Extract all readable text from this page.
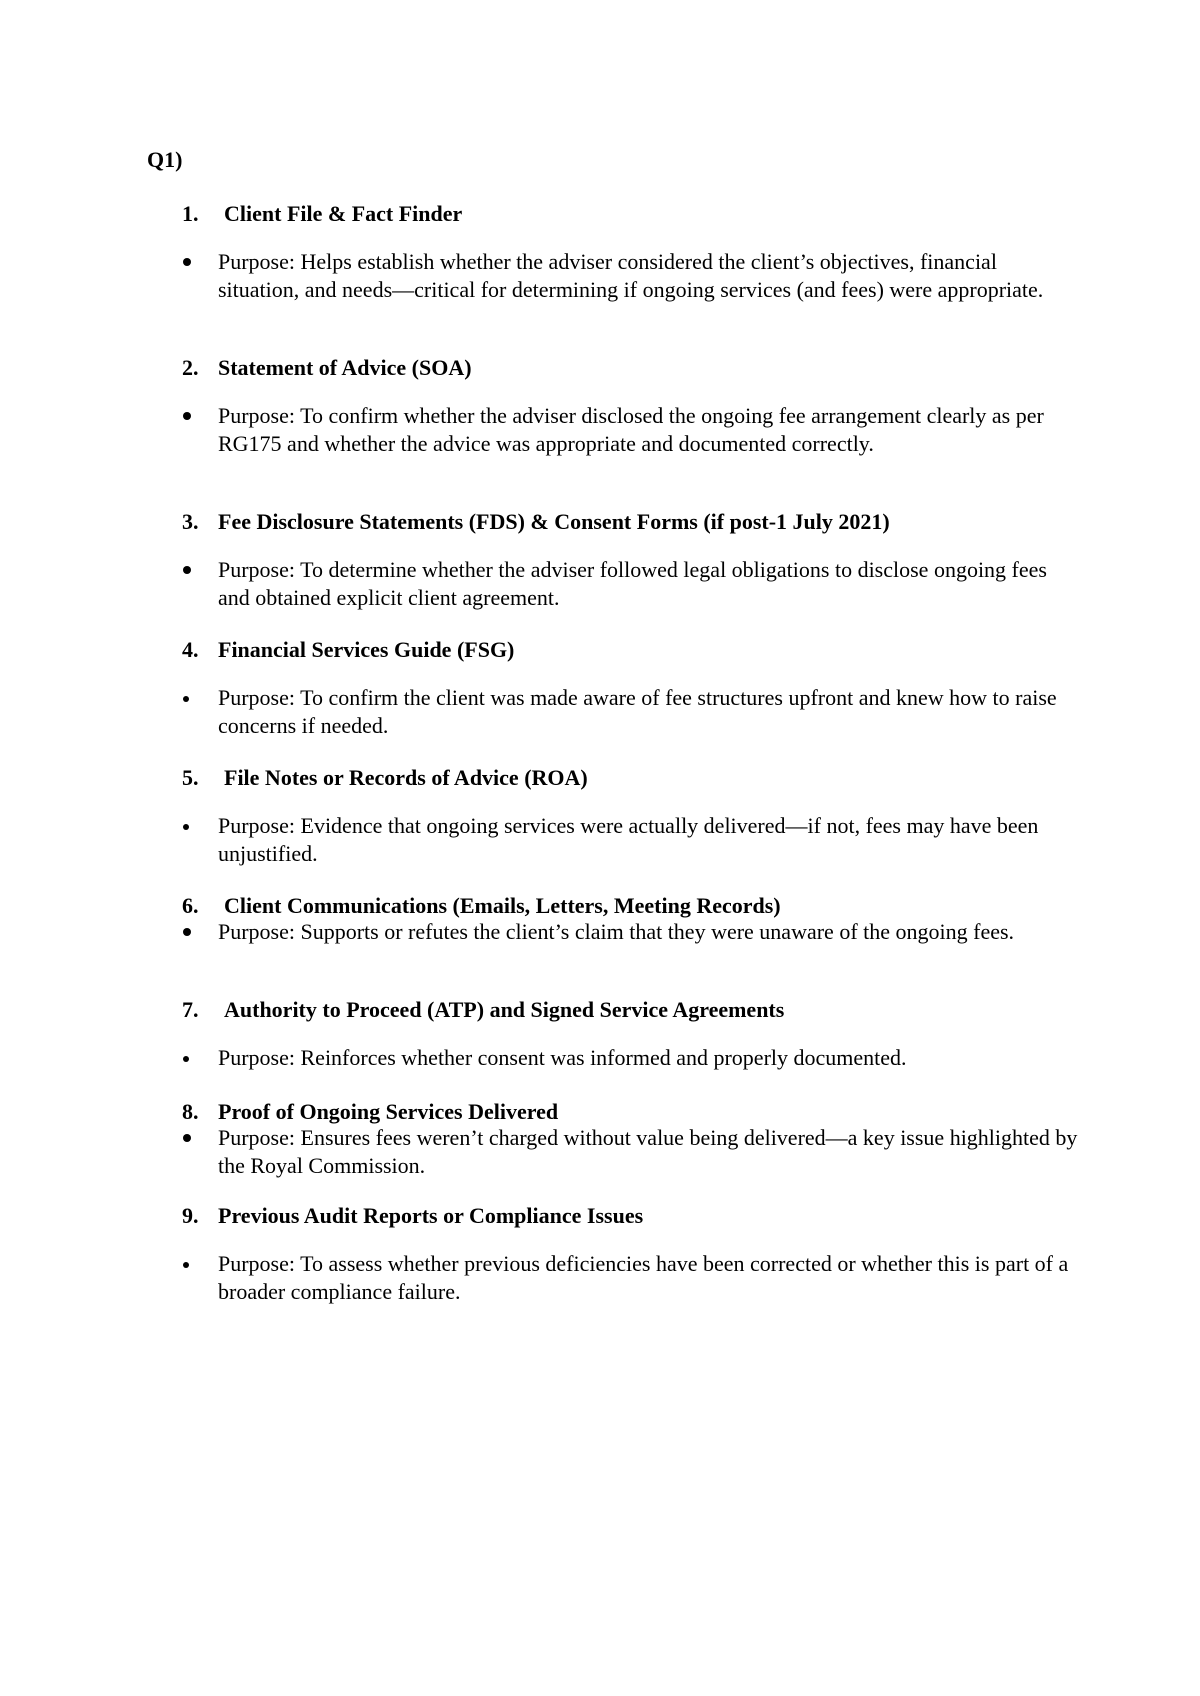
Q1)
1. Client File & Fact Finder
Purpose: Helps establish whether the adviser considered the client’s objectives, financial situation, and needs—critical for determining if ongoing services (and fees) were appropriate.
2. Statement of Advice (SOA)
Purpose: To confirm whether the adviser disclosed the ongoing fee arrangement clearly as per RG175 and whether the advice was appropriate and documented correctly.
3. Fee Disclosure Statements (FDS) & Consent Forms (if post-1 July 2021)
Purpose: To determine whether the adviser followed legal obligations to disclose ongoing fees and obtained explicit client agreement.
4. Financial Services Guide (FSG)
Purpose: To confirm the client was made aware of fee structures upfront and knew how to raise concerns if needed.
5. File Notes or Records of Advice (ROA)
Purpose: Evidence that ongoing services were actually delivered—if not, fees may have been unjustified.
6. Client Communications (Emails, Letters, Meeting Records)
Purpose: Supports or refutes the client’s claim that they were unaware of the ongoing fees.
7. Authority to Proceed (ATP) and Signed Service Agreements
Purpose: Reinforces whether consent was informed and properly documented.
8. Proof of Ongoing Services Delivered
Purpose: Ensures fees weren’t charged without value being delivered—a key issue highlighted by the Royal Commission.
9. Previous Audit Reports or Compliance Issues
Purpose: To assess whether previous deficiencies have been corrected or whether this is part of a broader compliance failure.
